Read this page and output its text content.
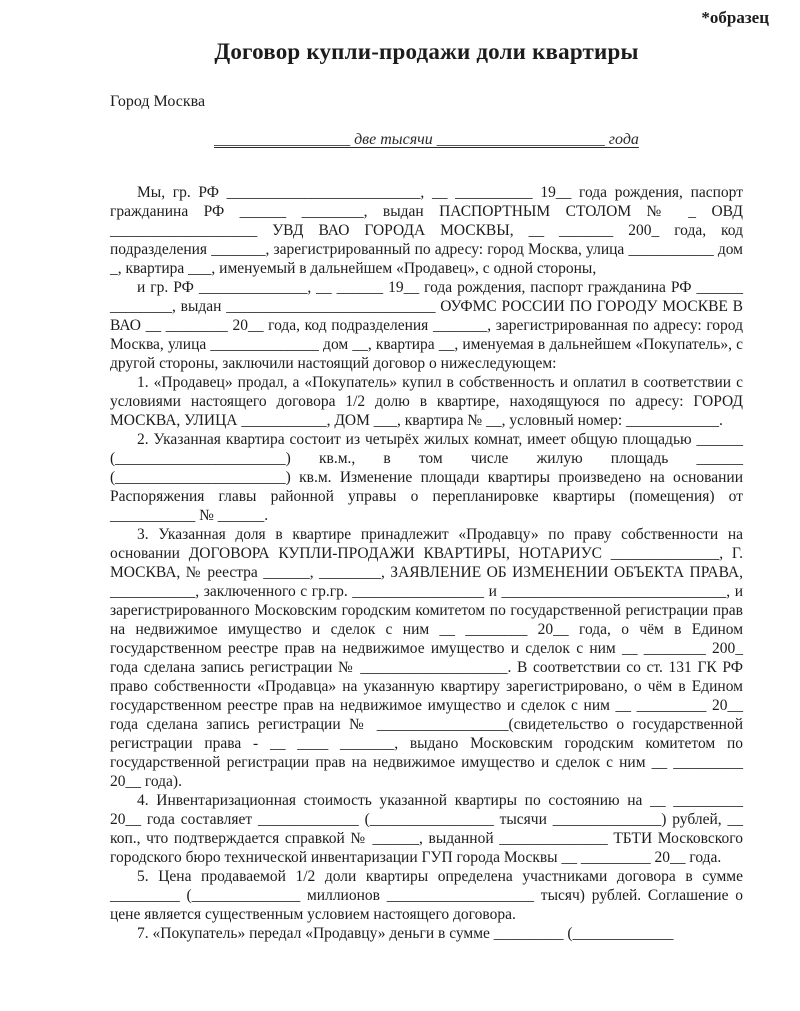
*образец
Договор купли-продажи доли квартиры
Город Москва
_________________ две тысячи _____________________ года

Мы, гр. РФ _________________________, __ __________ 19__ года рождения, паспорт гражданина РФ ______ ________, выдан ПАСПОРТНЫМ СТОЛОМ № _ ОВД ___________________ УВД ВАО ГОРОДА МОСКВЫ, __ _______ 200_ года, код подразделения _______, зарегистрированный по адресу: город Москва, улица ___________ дом _, квартира ___, именуемый в дальнейшем «Продавец», с одной стороны,

и гр. РФ ______________, __ ______ 19__ года рождения, паспорт гражданина РФ ______ ________, выдан ___________________________ ОУФМС РОССИИ ПО ГОРОДУ МОСКВЕ В ВАО __ ________ 20__ года, код подразделения _______, зарегистрированная по адресу: город Москва, улица ______________ дом __, квартира __, именуемая в дальнейшем «Покупатель», с другой стороны, заключили настоящий договор о нижеследующем:

1. «Продавец» продал, а «Покупатель» купил в собственность и оплатил в соответствии с условиями настоящего договора 1/2 долю в квартире, находящуюся по адресу: ГОРОД МОСКВА, УЛИЦА ___________, ДОМ ___, квартира № __, условный номер: ____________.

2. Указанная квартира состоит из четырёх жилых комнат, имеет общую площадью ______ (______________________) кв.м., в том числе жилую площадь ______ (______________________) кв.м. Изменение площади квартиры произведено на основании Распоряжения главы районной управы о перепланировке квартиры (помещения) от ___________ № ______.

3. Указанная доля в квартире принадлежит «Продавцу» по праву собственности на основании ДОГОВОРА КУПЛИ-ПРОДАЖИ КВАРТИРЫ, НОТАРИУС ______________, Г. МОСКВА, № реестра ______, ________, ЗАЯВЛЕНИЕ ОБ ИЗМЕНЕНИИ ОБЪЕКТА ПРАВА, ___________, заключенного с гр.гр. _________________ и _____________________________, и зарегистрированного Московским городским комитетом по государственной регистрации прав на недвижимое имущество и сделок с ним __ ________ 20__ года, о чём в Едином государственном реестре прав на недвижимое имущество и сделок с ним __ ________ 200_ года сделана запись регистрации № ___________________. В соответствии со ст. 131 ГК РФ право собственности «Продавца» на указанную квартиру зарегистрировано, о чём в Едином государственном реестре прав на недвижимое имущество и сделок с ним __ _________ 20__ года сделана запись регистрации № _________________(свидетельство о государственной регистрации права - __ ____ _______, выдано Московским городским комитетом по государственной регистрации прав на недвижимое имущество и сделок с ним __ _________ 20__ года).

4. Инвентаризационная стоимость указанной квартиры по состоянию на __ _________ 20__ года составляет _____________ (________________ тысячи ______________) рублей, __ коп., что подтверждается справкой № ______, выданной ______________ ТБТИ Московского городского бюро технической инвентаризации ГУП города Москвы __ _________ 20__ года.

5. Цена продаваемой 1/2 доли квартиры определена участниками договора в сумме _________ (______________ миллионов ___________________ тысяч) рублей. Соглашение о цене является существенным условием настоящего договора.

7. «Покупатель» передал «Продавцу» деньги в сумме _________ (_____________
